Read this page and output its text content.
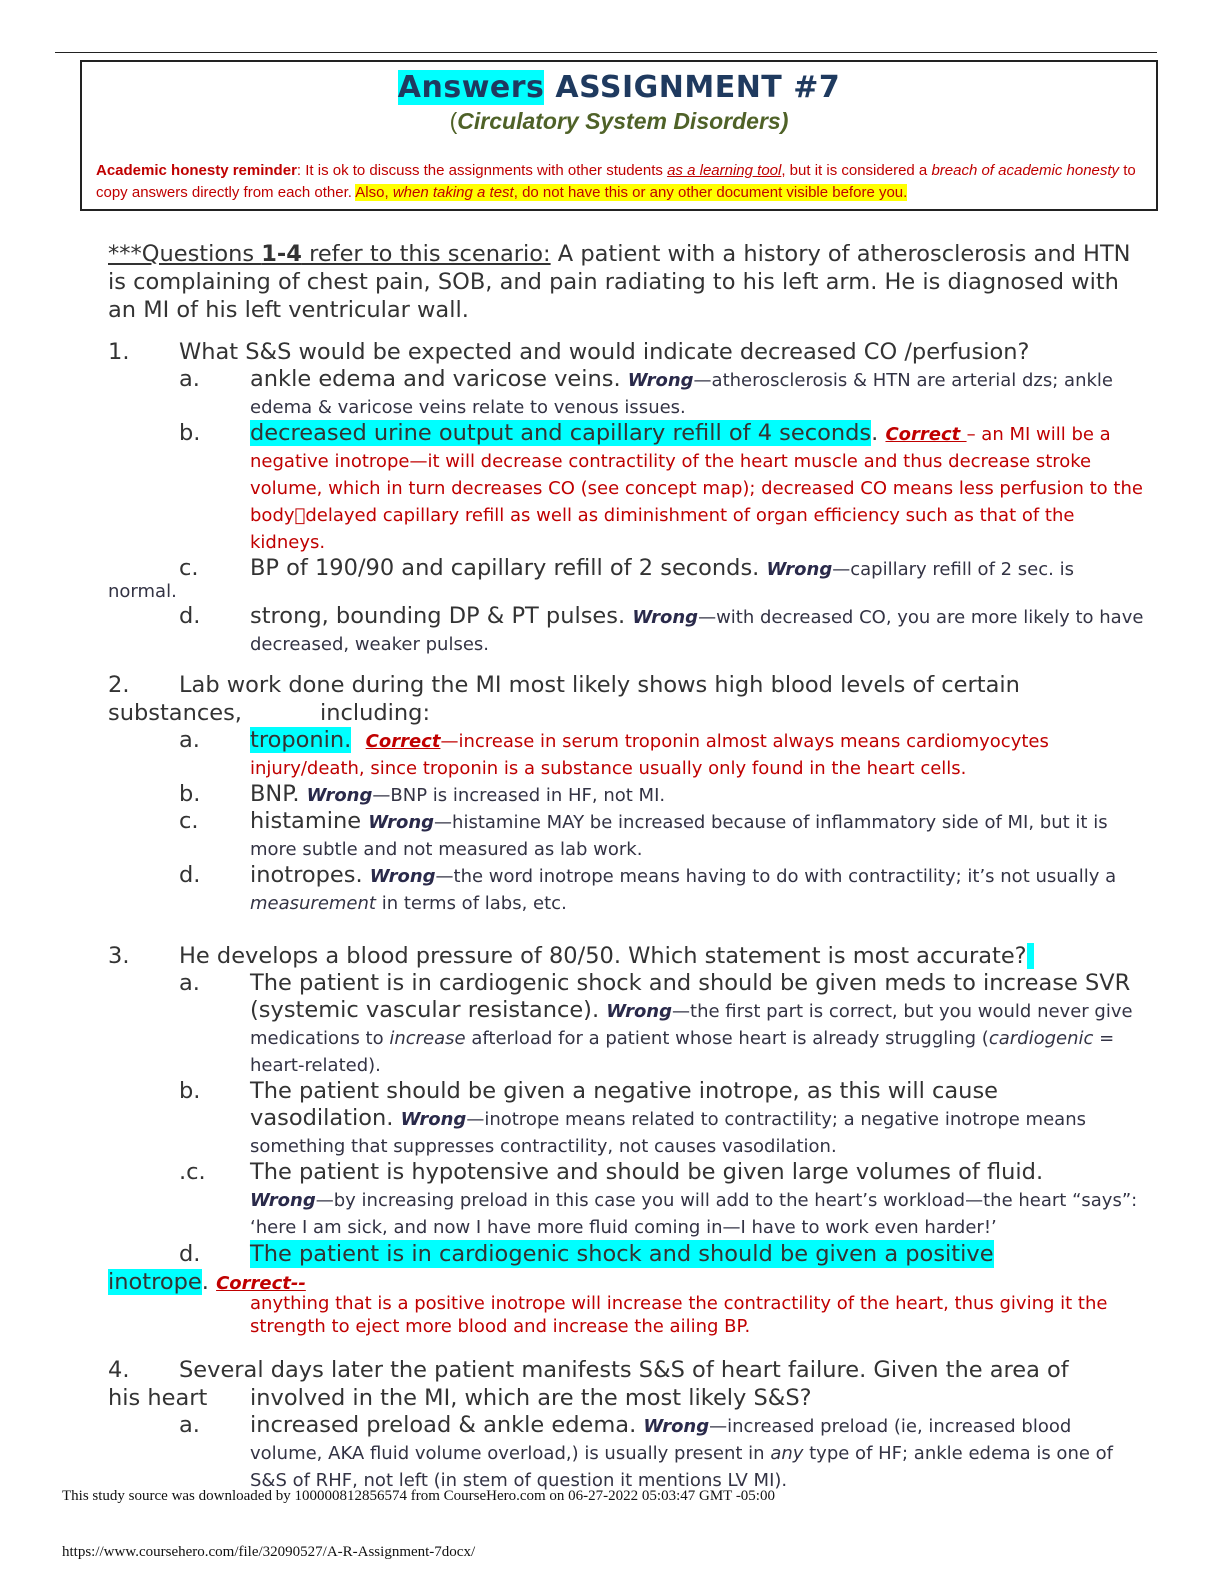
Answers ASSIGNMENT #7
(Circulatory System Disorders)
Academic honesty reminder: It is ok to discuss the assignments with other students as a learning tool, but it is considered a breach of academic honesty to copy answers directly from each other. Also, when taking a test, do not have this or any other document visible before you.
***Questions 1-4 refer to this scenario: A patient with a history of atherosclerosis and HTN is complaining of chest pain, SOB, and pain radiating to his left arm. He is diagnosed with an MI of his left ventricular wall.
1. What S&S would be expected and would indicate decreased CO /perfusion?
a. ankle edema and varicose veins. Wrong—atherosclerosis & HTN are arterial dzs; ankle edema & varicose veins relate to venous issues.
b. decreased urine output and capillary refill of 4 seconds. Correct – an MI will be a negative inotrope—it will decrease contractility of the heart muscle and thus decrease stroke volume, which in turn decreases CO (see concept map); decreased CO means less perfusion to the body delayed capillary refill as well as diminishment of organ efficiency such as that of the kidneys.
c. BP of 190/90 and capillary refill of 2 seconds. Wrong—capillary refill of 2 sec. is
normal.
d. strong, bounding DP & PT pulses. Wrong—with decreased CO, you are more likely to have decreased, weaker pulses.
2. Lab work done during the MI most likely shows high blood levels of certain
substances,	including:
a. troponin. Correct—increase in serum troponin almost always means cardiomyocytes injury/death, since troponin is a substance usually only found in the heart cells.
b. BNP. Wrong—BNP is increased in HF, not MI.
c. histamine Wrong—histamine MAY be increased because of inflammatory side of MI, but it is more subtle and not measured as lab work.
d. inotropes. Wrong—the word inotrope means having to do with contractility; it’s not usually a measurement in terms of labs, etc.
3. He develops a blood pressure of 80/50. Which statement is most accurate?
a. The patient is in cardiogenic shock and should be given meds to increase SVR (systemic vascular resistance). Wrong—the first part is correct, but you would never give medications to increase afterload for a patient whose heart is already struggling (cardiogenic = heart-related).
b. The patient should be given a negative inotrope, as this will cause vasodilation. Wrong—inotrope means related to contractility; a negative inotrope means something that suppresses contractility, not causes vasodilation.
.c. The patient is hypotensive and should be given large volumes of fluid.
Wrong—by increasing preload in this case you will add to the heart’s workload—the heart “says”: ‘here I am sick, and now I have more fluid coming in—I have to work even harder!’
d. The patient is in cardiogenic shock and should be given a positive

inotrope. Correct--
anything that is a positive inotrope will increase the contractility of the heart, thus giving it the strength to eject more blood and increase the ailing BP.
4. Several days later the patient manifests S&S of heart failure. Given the area of
his heart involved in the MI, which are the most likely S&S?
a. increased preload & ankle edema. Wrong—increased preload (ie, increased blood volume, AKA fluid volume overload,) is usually present in any type of HF; ankle edema is one of S&S of RHF, not left (in stem of question it mentions LV MI).
This study source was downloaded by 100000812856574 from CourseHero.com on 06-27-2022 05:03:47 GMT -05:00
https://www.coursehero.com/file/32090527/A-R-Assignment-7docx/
